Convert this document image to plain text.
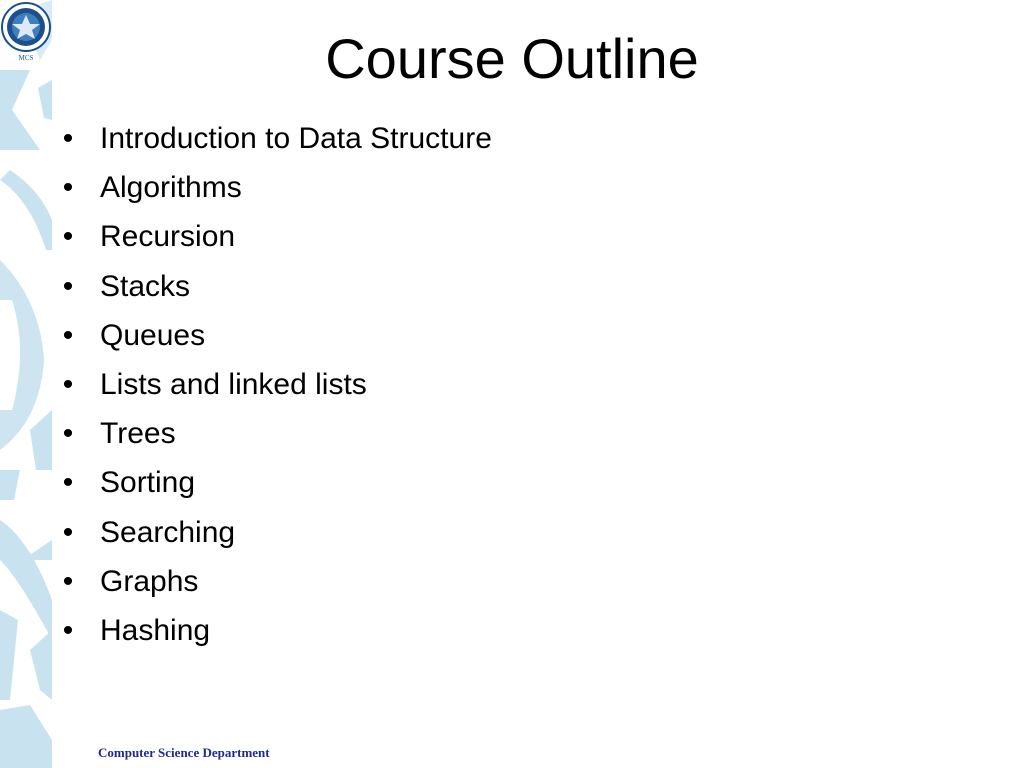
MCS	Course Outline
• Introduction to Data Structure
• Algorithms
• Recursion
• Stacks
• Queues
• Lists and linked lists
• Trees
• Sorting
• Searching
• Graphs
• Hashing
Computer Science Department
